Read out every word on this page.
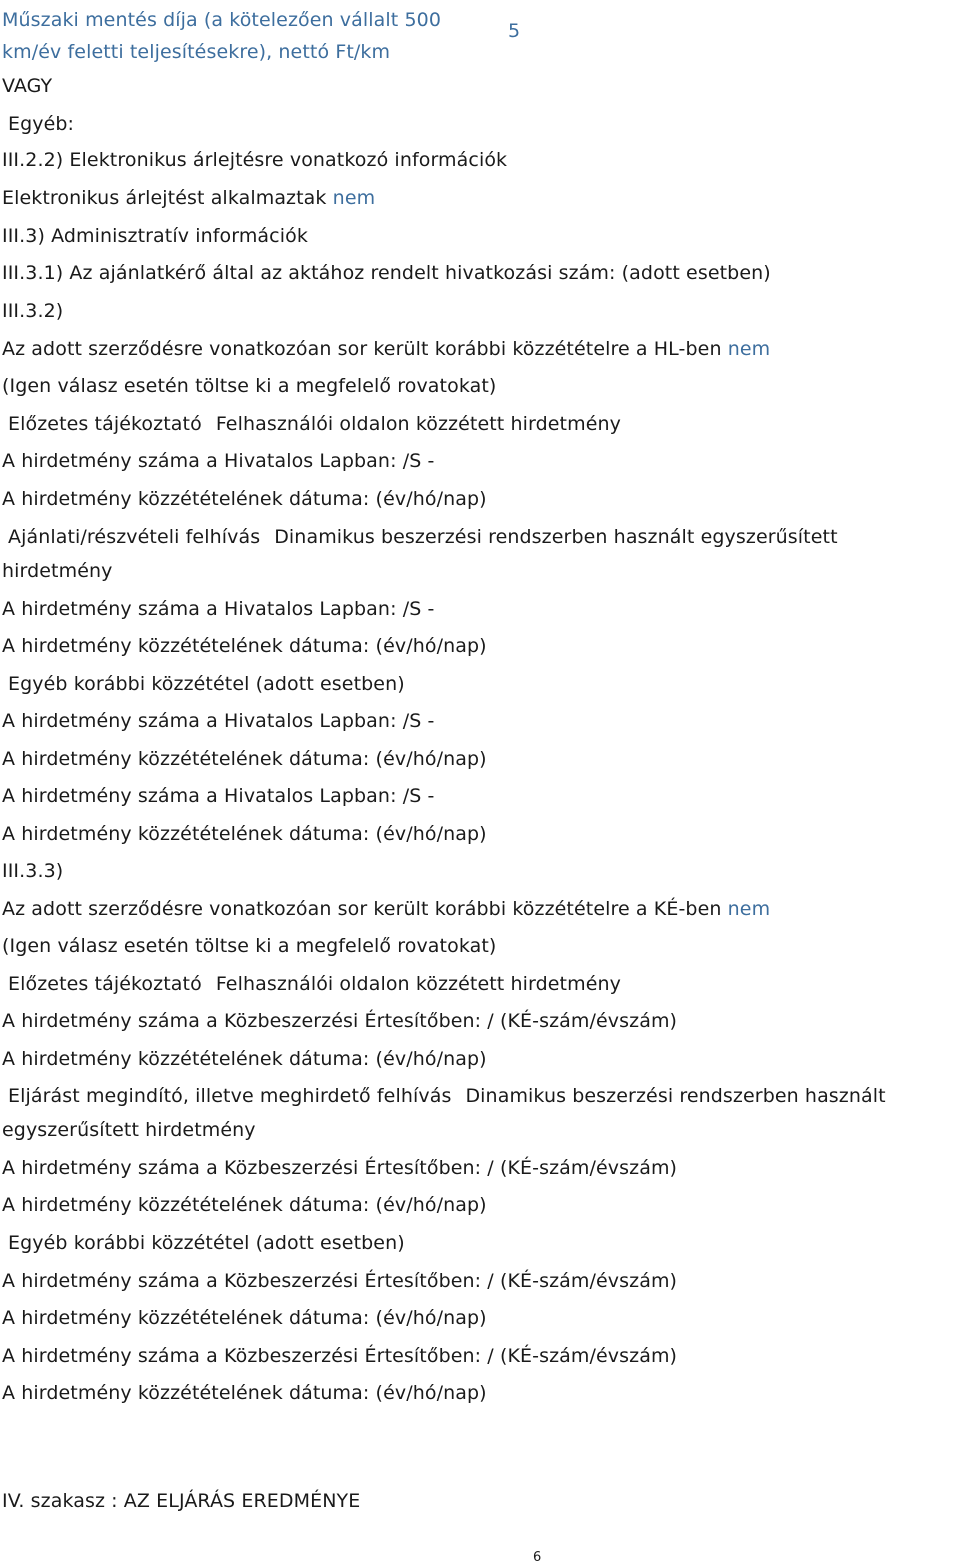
Műszaki mentés díja (a kötelezően vállalt 500
km/év feletti teljesítésekre), nettó Ft/km
5
VAGY
Egyéb:
III.2.2) Elektronikus árlejtésre vonatkozó információk
Elektronikus árlejtést alkalmaztak nem
III.3) Adminisztratív információk
III.3.1) Az ajánlatkérő által az aktához rendelt hivatkozási szám: (adott esetben)
III.3.2)
Az adott szerződésre vonatkozóan sor került korábbi közzétételre a HL-ben nem
(Igen válasz esetén töltse ki a megfelelő rovatokat)
Előzetes tájékoztató Felhasználói oldalon közzétett hirdetmény
A hirdetmény száma a Hivatalos Lapban: /S -
A hirdetmény közzétételének dátuma: (év/hó/nap)
Ajánlati/részvételi felhívás Dinamikus beszerzési rendszerben használt egyszerűsített
hirdetmény
A hirdetmény száma a Hivatalos Lapban: /S -
A hirdetmény közzétételének dátuma: (év/hó/nap)
Egyéb korábbi közzététel (adott esetben)
A hirdetmény száma a Hivatalos Lapban: /S -
A hirdetmény közzétételének dátuma: (év/hó/nap)
A hirdetmény száma a Hivatalos Lapban: /S -
A hirdetmény közzétételének dátuma: (év/hó/nap)
III.3.3)
Az adott szerződésre vonatkozóan sor került korábbi közzétételre a KÉ-ben nem
(Igen válasz esetén töltse ki a megfelelő rovatokat)
Előzetes tájékoztató Felhasználói oldalon közzétett hirdetmény
A hirdetmény száma a Közbeszerzési Értesítőben: / (KÉ-szám/évszám)
A hirdetmény közzétételének dátuma: (év/hó/nap)
Eljárást megindító, illetve meghirdető felhívás Dinamikus beszerzési rendszerben használt
egyszerűsített hirdetmény
A hirdetmény száma a Közbeszerzési Értesítőben: / (KÉ-szám/évszám)
A hirdetmény közzétételének dátuma: (év/hó/nap)
Egyéb korábbi közzététel (adott esetben)
A hirdetmény száma a Közbeszerzési Értesítőben: / (KÉ-szám/évszám)
A hirdetmény közzétételének dátuma: (év/hó/nap)
A hirdetmény száma a Közbeszerzési Értesítőben: / (KÉ-szám/évszám)
A hirdetmény közzétételének dátuma: (év/hó/nap)
IV. szakasz : AZ ELJÁRÁS EREDMÉNYE
6
